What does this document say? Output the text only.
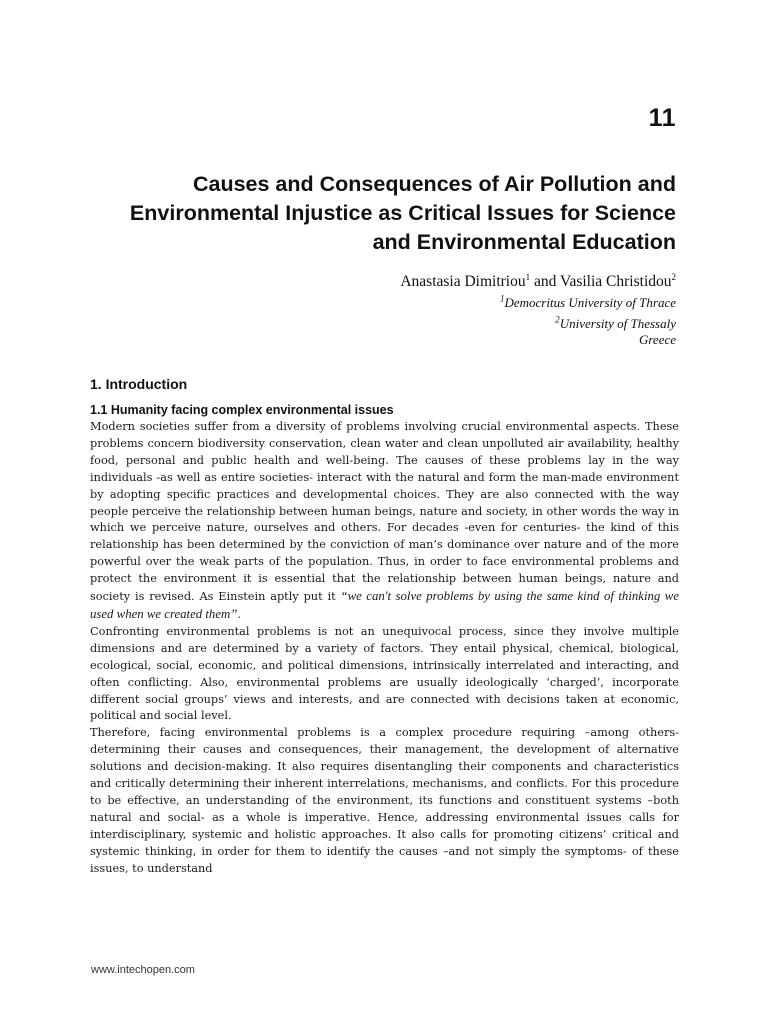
11
Causes and Consequences of Air Pollution and Environmental Injustice as Critical Issues for Science and Environmental Education
Anastasia Dimitriou$^1$ and Vasilia Christidou$^2$
$^1$Democritus University of Thrace
$^2$University of Thessaly
Greece
1. Introduction
1.1 Humanity facing complex environmental issues

Modern societies suffer from a diversity of problems involving crucial environmental aspects. These problems concern biodiversity conservation, clean water and clean unpolluted air availability, healthy food, personal and public health and well-being. The causes of these problems lay in the way individuals -as well as entire societies- interact with the natural and form the man-made environment by adopting specific practices and developmental choices. They are also connected with the way people perceive the relationship between human beings, nature and society, in other words the way in which we perceive nature, ourselves and others. For decades -even for centuries- the kind of this relationship has been determined by the conviction of man’s dominance over nature and of the more powerful over the weak parts of the population. Thus, in order to face environmental problems and protect the environment it is essential that the relationship between human beings, nature and society is revised. As Einstein aptly put it “we can't solve problems by using the same kind of thinking we used when we created them”.

Confronting environmental problems is not an unequivocal process, since they involve multiple dimensions and are determined by a variety of factors. They entail physical, chemical, biological, ecological, social, economic, and political dimensions, intrinsically interrelated and interacting, and often conflicting. Also, environmental problems are usually ideologically ‘charged’, incorporate different social groups’ views and interests, and are connected with decisions taken at economic, political and social level.

Therefore, facing environmental problems is a complex procedure requiring –among others- determining their causes and consequences, their management, the development of alternative solutions and decision-making. It also requires disentangling their components and characteristics and critically determining their inherent interrelations, mechanisms, and conflicts. For this procedure to be effective, an understanding of the environment, its functions and constituent systems –both natural and social- as a whole is imperative. Hence, addressing environmental issues calls for interdisciplinary, systemic and holistic approaches. It also calls for promoting citizens’ critical and systemic thinking, in order for them to identify the causes –and not simply the symptoms- of these issues, to understand

www.intechopen.com
